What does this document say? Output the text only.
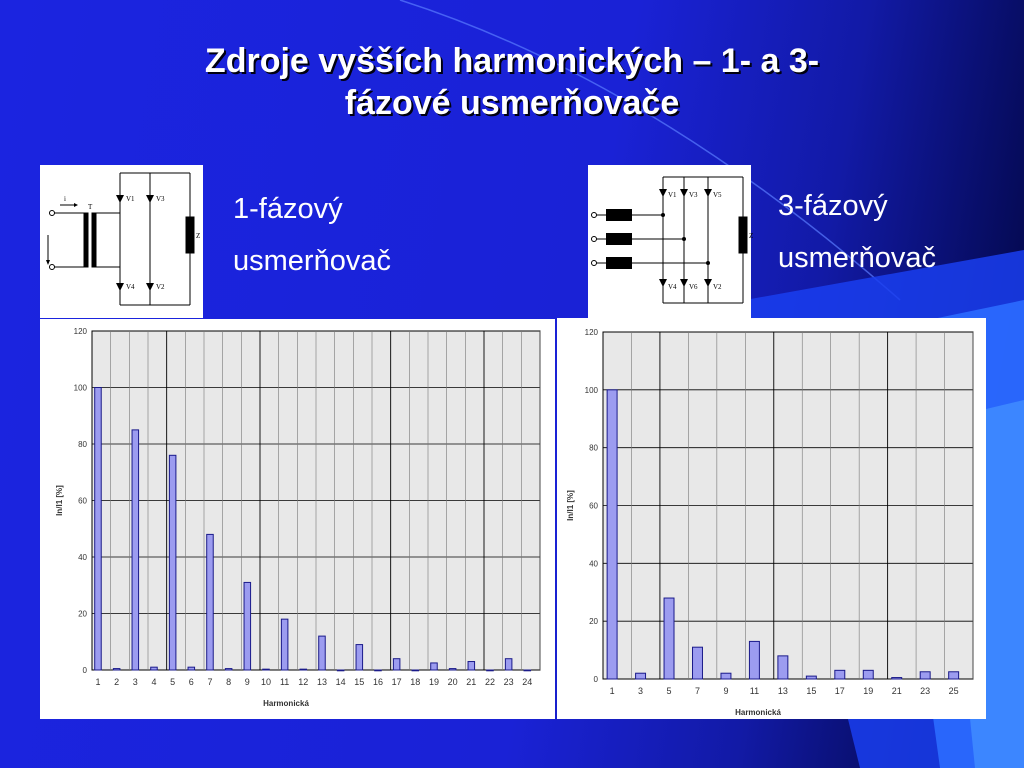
Zdroje vyšších harmonických – 1- a 3-
fázové usmerňovače
i
T
V1	V3
V4	V2
Z
V1 V3 V5
V4 V6 V2
Z
1-fázový
usmerňovač
3-fázový
usmerňovač
0
20
40
60
80
100
120
1 2 3 4 5 6 7 8 9 10 11 12 13 14 15 16 17 18 19 20 21 22 23 24
Harmonická
In/I1 [%]
0
20
40
60
80
100
120
1	3	5	7	9 11 13 15 17 19 21 23 25
Harmonická
In/I1 [%]
